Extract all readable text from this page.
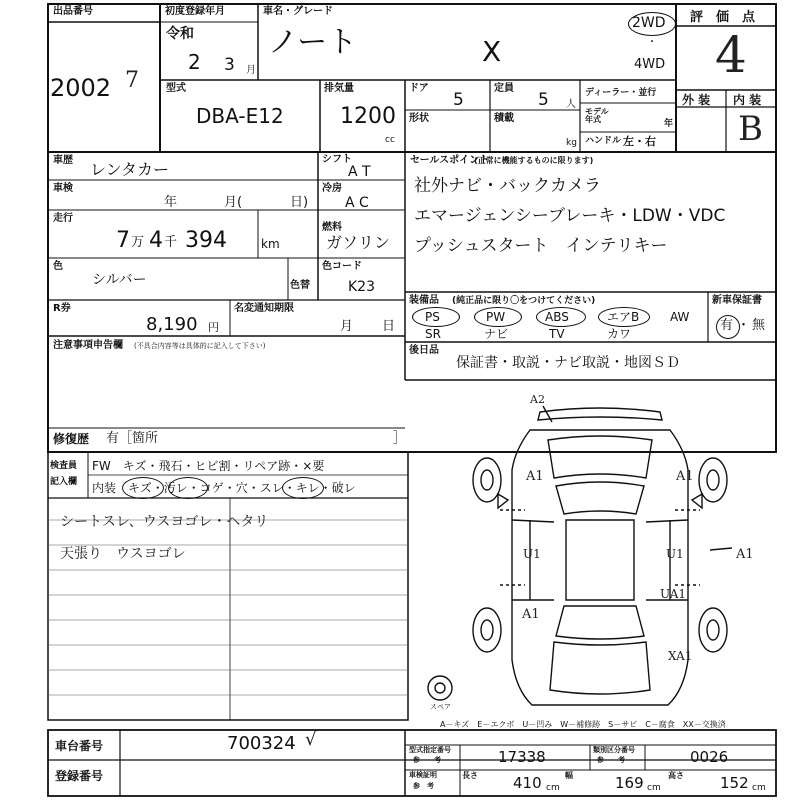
出品番号
2002 7
初度登録年月
令和
2 3 月
車名・グレード
ノート	X
2WD
・
4WD
評　価　点
4
外 装 内 装
B
型式
DBA-E12
排気量
1200
cc
ドア
5
形状
定員
5 人
積載
kg
ディーラー・並行
モデル
年式	年
ハンドル 左・右
車歴 レンタカー
車検
年	月(	日)
走行
7 万 4 千 394	km
色
シルバー	色替
R券
8,190 円
名変通知期限
月 日
注意事項申告欄 (不具合内容等は具体的に記入して下さい)
修復歴 有［箇所	］
シフト
A T
冷房
A C
燃料
ガソリン
色コード
K23
セールスポイント
(正常に機能するものに限ります)
社外ナビ・バックカメラ
エマージェンシーブレーキ・LDW・VDC
プッシュスタート　インテリキー
装備品 (純正品に限り〇をつけてください)
PS	PW	ABS	エアB	AW
SR	ナビ	TV	カワ
新車保証書
有 ・ 無
後日品
保証書・取説・ナビ取説・地図ＳＤ
検査員
記入欄
FW　キズ・飛石・ヒビ割・リペア跡・×要
内装　キズ・汚レ・コゲ・穴・スレ・キレ・破レ
シートスレ、ウスヨゴレ・ヘタリ
天張り　ウスヨゴレ
A2
A1	A1
U1	U1	A1
UA1
A1
XA1
スペア
A－キズ　E－エクボ　U－凹み　W－補修跡　S－サビ　C－腐食　XX－交換済
車台番号	700324 √
登録番号
型式指定番号
参　　考	17338	類別区分番号
参　　考	0026
車検証明
参　考
長さ 410 cm
幅	169 cm
高さ 152 cm
